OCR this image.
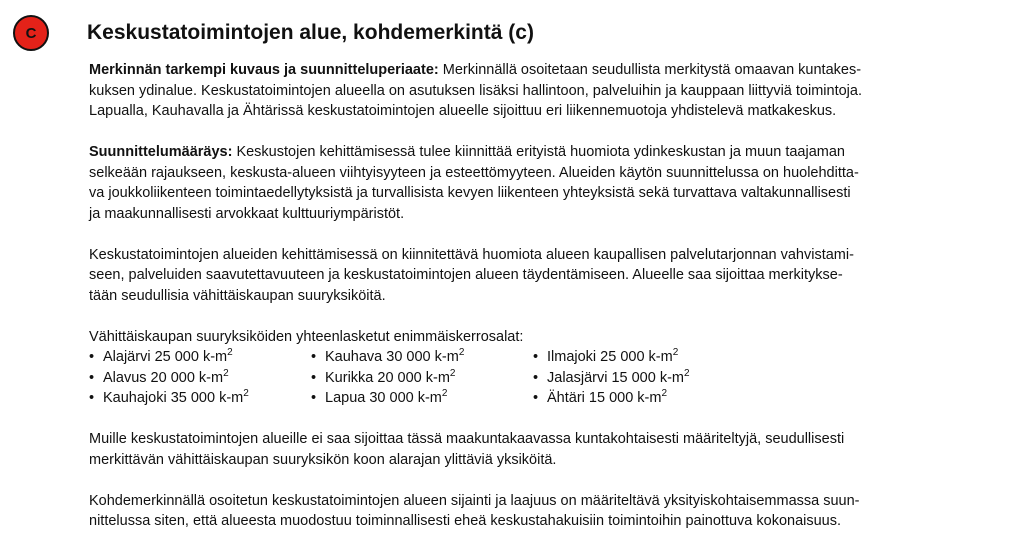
C	Keskustatoimintojen alue, kohdemerkintä (c)

Merkinnän tarkempi kuvaus ja suunnitteluperiaate: Merkinnällä osoitetaan seudullista merkitystä omaavan kuntakes-
kuksen ydinalue. Keskustatoimintojen alueella on asutuksen lisäksi hallintoon, palveluihin ja kauppaan liittyviä toimintoja.
Lapualla, Kauhavalla ja Ähtärissä keskustatoimintojen alueelle sijoittuu eri liikennemuotoja yhdistelevä matkakeskus.

Suunnittelumääräys: Keskustojen kehittämisessä tulee kiinnittää erityistä huomiota ydinkeskustan ja muun taajaman
selkeään rajaukseen, keskusta-alueen viihtyisyyteen ja esteettömyyteen. Alueiden käytön suunnittelussa on huolehditta-
va joukkoliikenteen toimintaedellytyksistä ja turvallisista kevyen liikenteen yhteyksistä sekä turvattava valtakunnallisesti
ja maakunnallisesti arvokkaat kulttuuriympäristöt.

Keskustatoimintojen alueiden kehittämisessä on kiinnitettävä huomiota alueen kaupallisen palvelutarjonnan vahvistami-
seen, palveluiden saavutettavuuteen ja keskustatoimintojen alueen täydentämiseen. Alueelle saa sijoittaa merkitykse-
tään seudullisia vähittäiskaupan suuryksiköitä.

Vähittäiskaupan suuryksiköiden yhteenlasketut enimmäiskerrosalat:

• Alajärvi 25 000 $k-m^2$
• Alavus 20 000 $k-m^2$
• Kauhajoki 35 000 $k-m^2$
• Kauhava 30 000 $k-m^2$
• Kurikka 20 000 $k-m^2$
• Lapua 30 000 $k-m^2$
• Ilmajoki 25 000 $k-m^2$
• Jalasjärvi 15 000 $k-m^2$
• Ähtäri 15 000 $k-m^2$

Muille keskustatoimintojen alueille ei saa sijoittaa tässä maakuntakaavassa kuntakohtaisesti määriteltyjä, seudullisesti
merkittävän vähittäiskaupan suuryksikön koon alarajan ylittäviä yksiköitä.

Kohdemerkinnällä osoitetun keskustatoimintojen alueen sijainti ja laajuus on määriteltävä yksityiskohtaisemmassa suun-
nittelussa siten, että alueesta muodostuu toiminnallisesti eheä keskustahakuisiin toimintoihin painottuva kokonaisuus.
